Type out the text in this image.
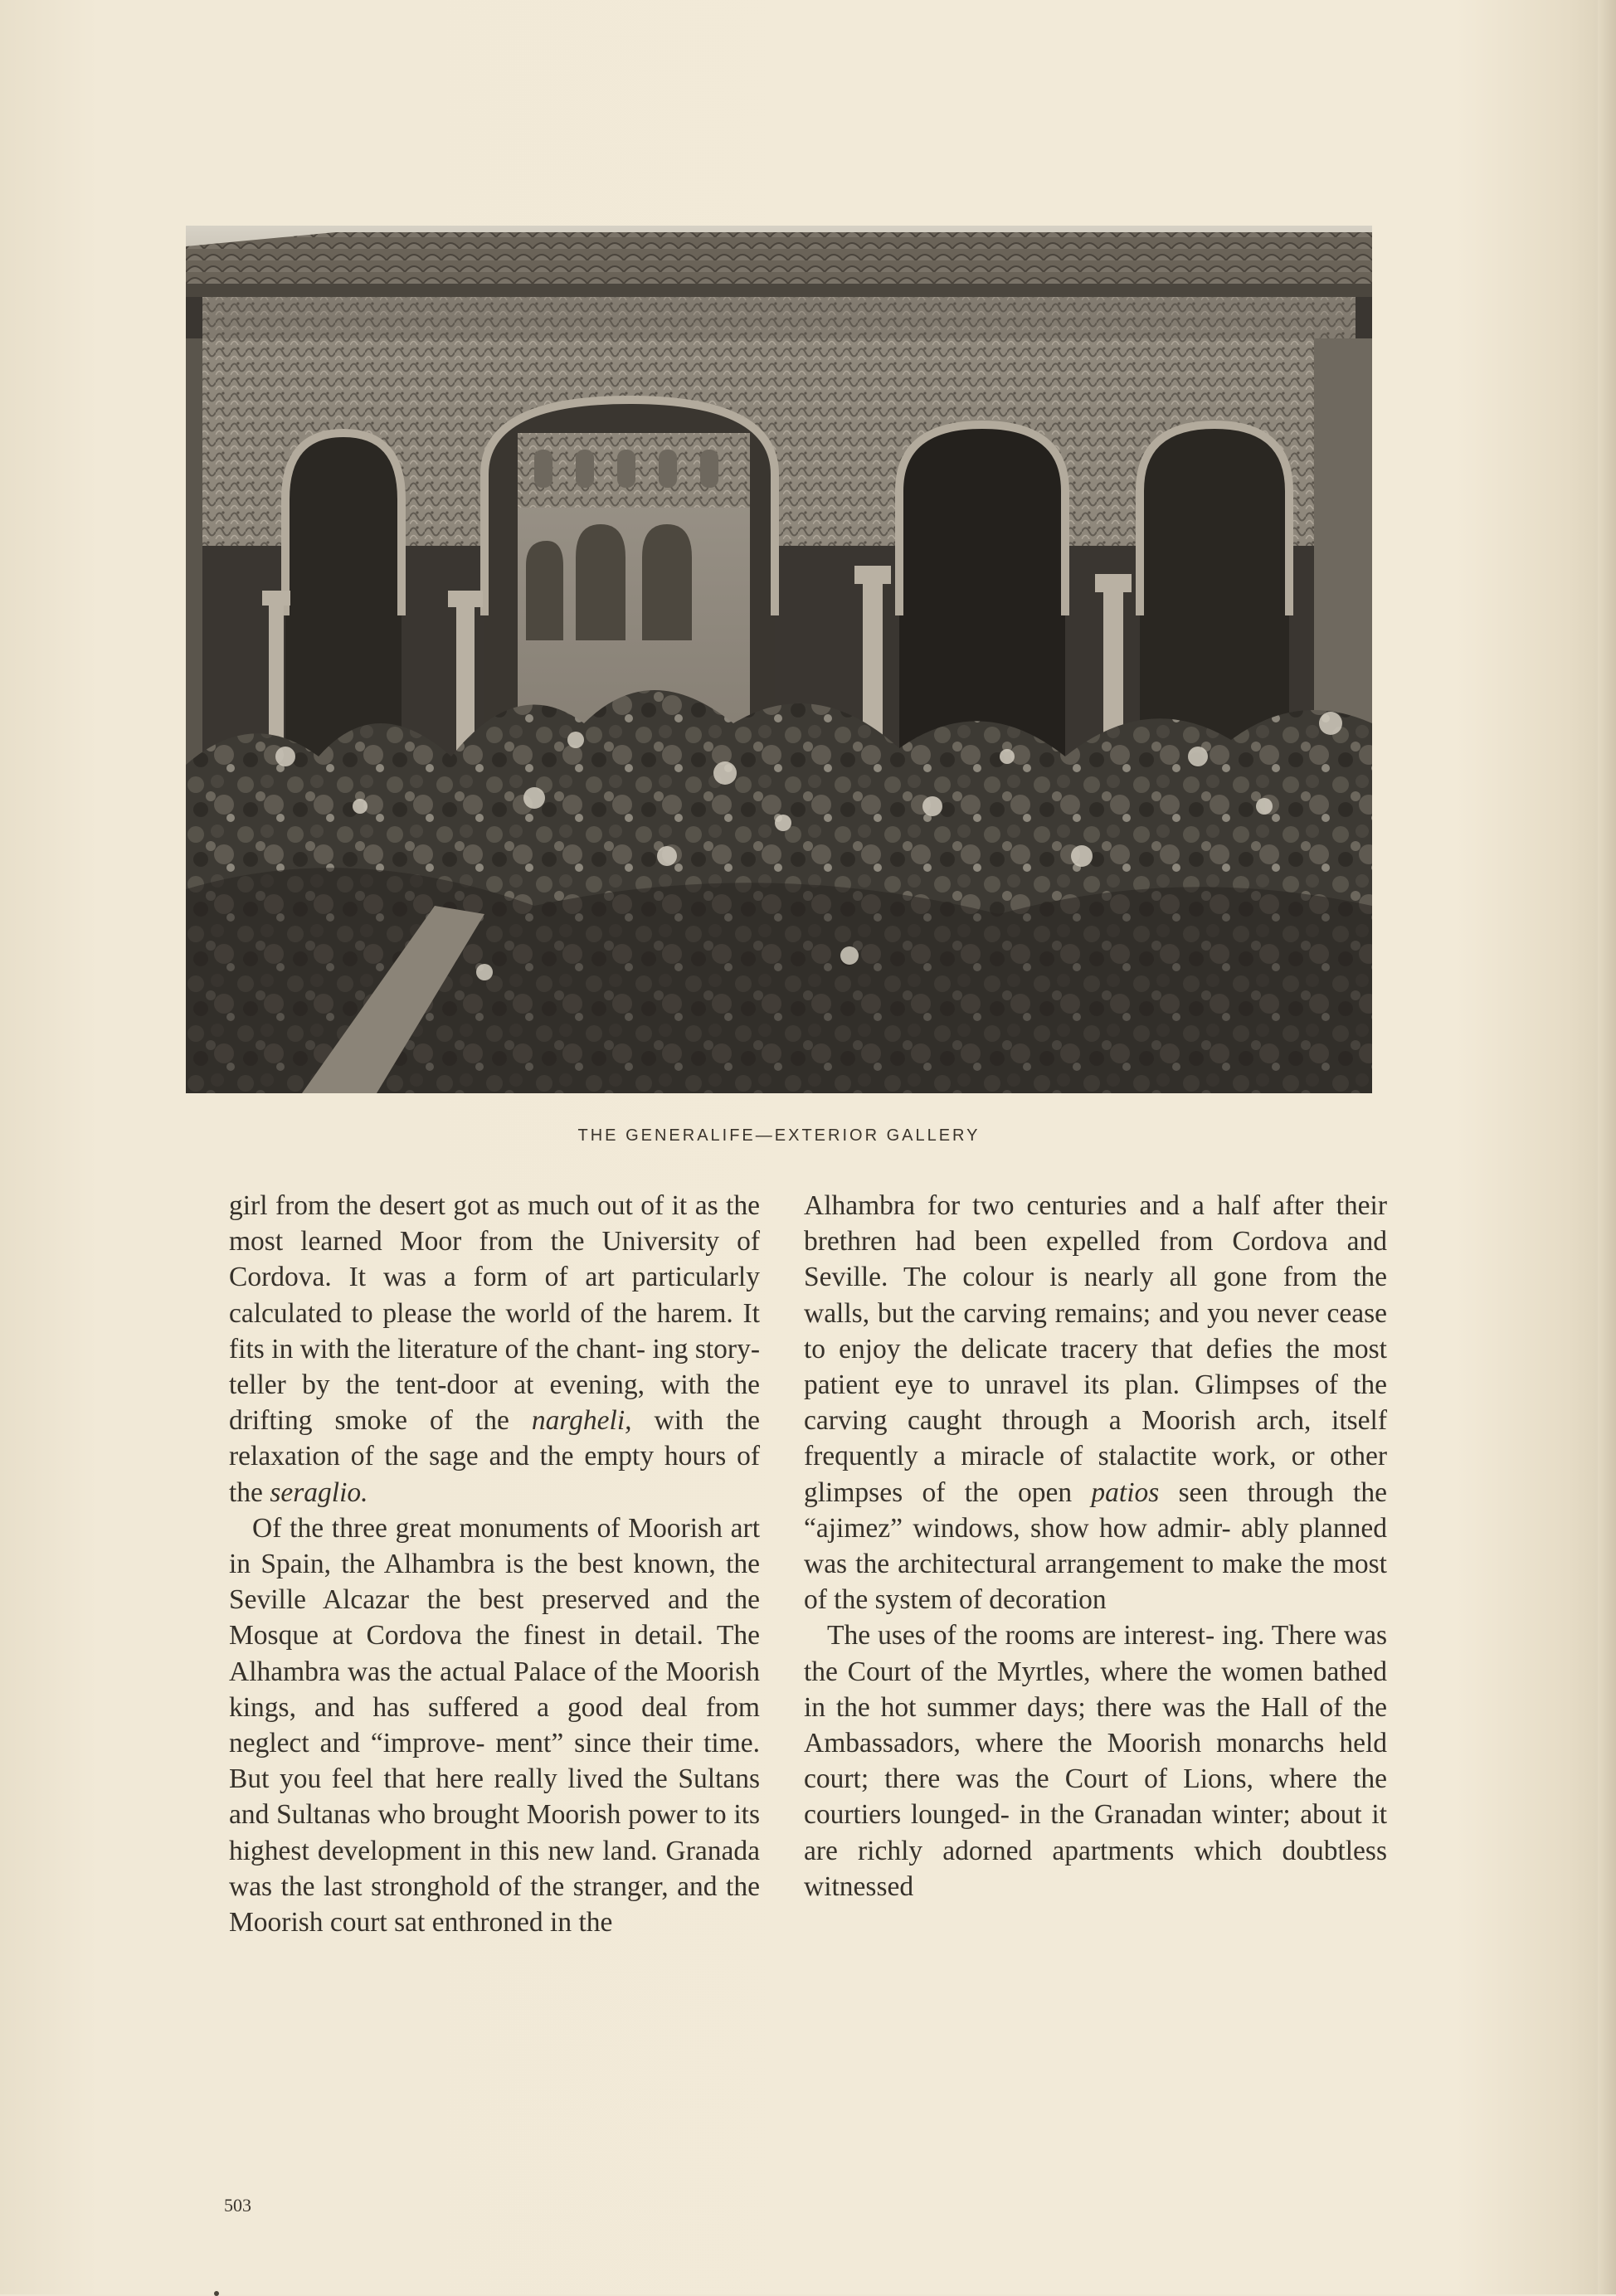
THE GENERALIFE—EXTERIOR GALLERY

girl from the desert got as much out of it as the most learned Moor from the University of Cordova. It was a form of art particularly calculated to please the world of the harem. It fits in with the literature of the chant- ing story-teller by the tent-door at evening, with the drifting smoke of the nargheli, with the relaxation of the sage and the empty hours of the seraglio.

Of the three great monuments of Moorish art in Spain, the Alhambra is the best known, the Seville Alcazar the best preserved and the Mosque at Cordova the finest in detail. The Alhambra was the actual Palace of the Moorish kings, and has suffered a good deal from neglect and “improve- ment” since their time. But you feel that here really lived the Sultans and Sultanas who brought Moorish power to its highest development in this new land. Granada was the last stronghold of the stranger, and the Moorish court sat enthroned in the

Alhambra for two centuries and a half after their brethren had been expelled from Cordova and Seville. The colour is nearly all gone from the walls, but the carving remains; and you never cease to enjoy the delicate tracery that defies the most patient eye to unravel its plan. Glimpses of the carving caught through a Moorish arch, itself frequently a miracle of stalactite work, or other glimpses of the open patios seen through the “ajimez” windows, show how admir- ably planned was the architectural arrangement to make the most of the system of decoration

The uses of the rooms are interest- ing. There was the Court of the Myrtles, where the women bathed in the hot summer days; there was the Hall of the Ambassadors, where the Moorish monarchs held court; there was the Court of Lions, where the courtiers lounged- in the Granadan winter; about it are richly adorned apartments which doubtless witnessed

503
